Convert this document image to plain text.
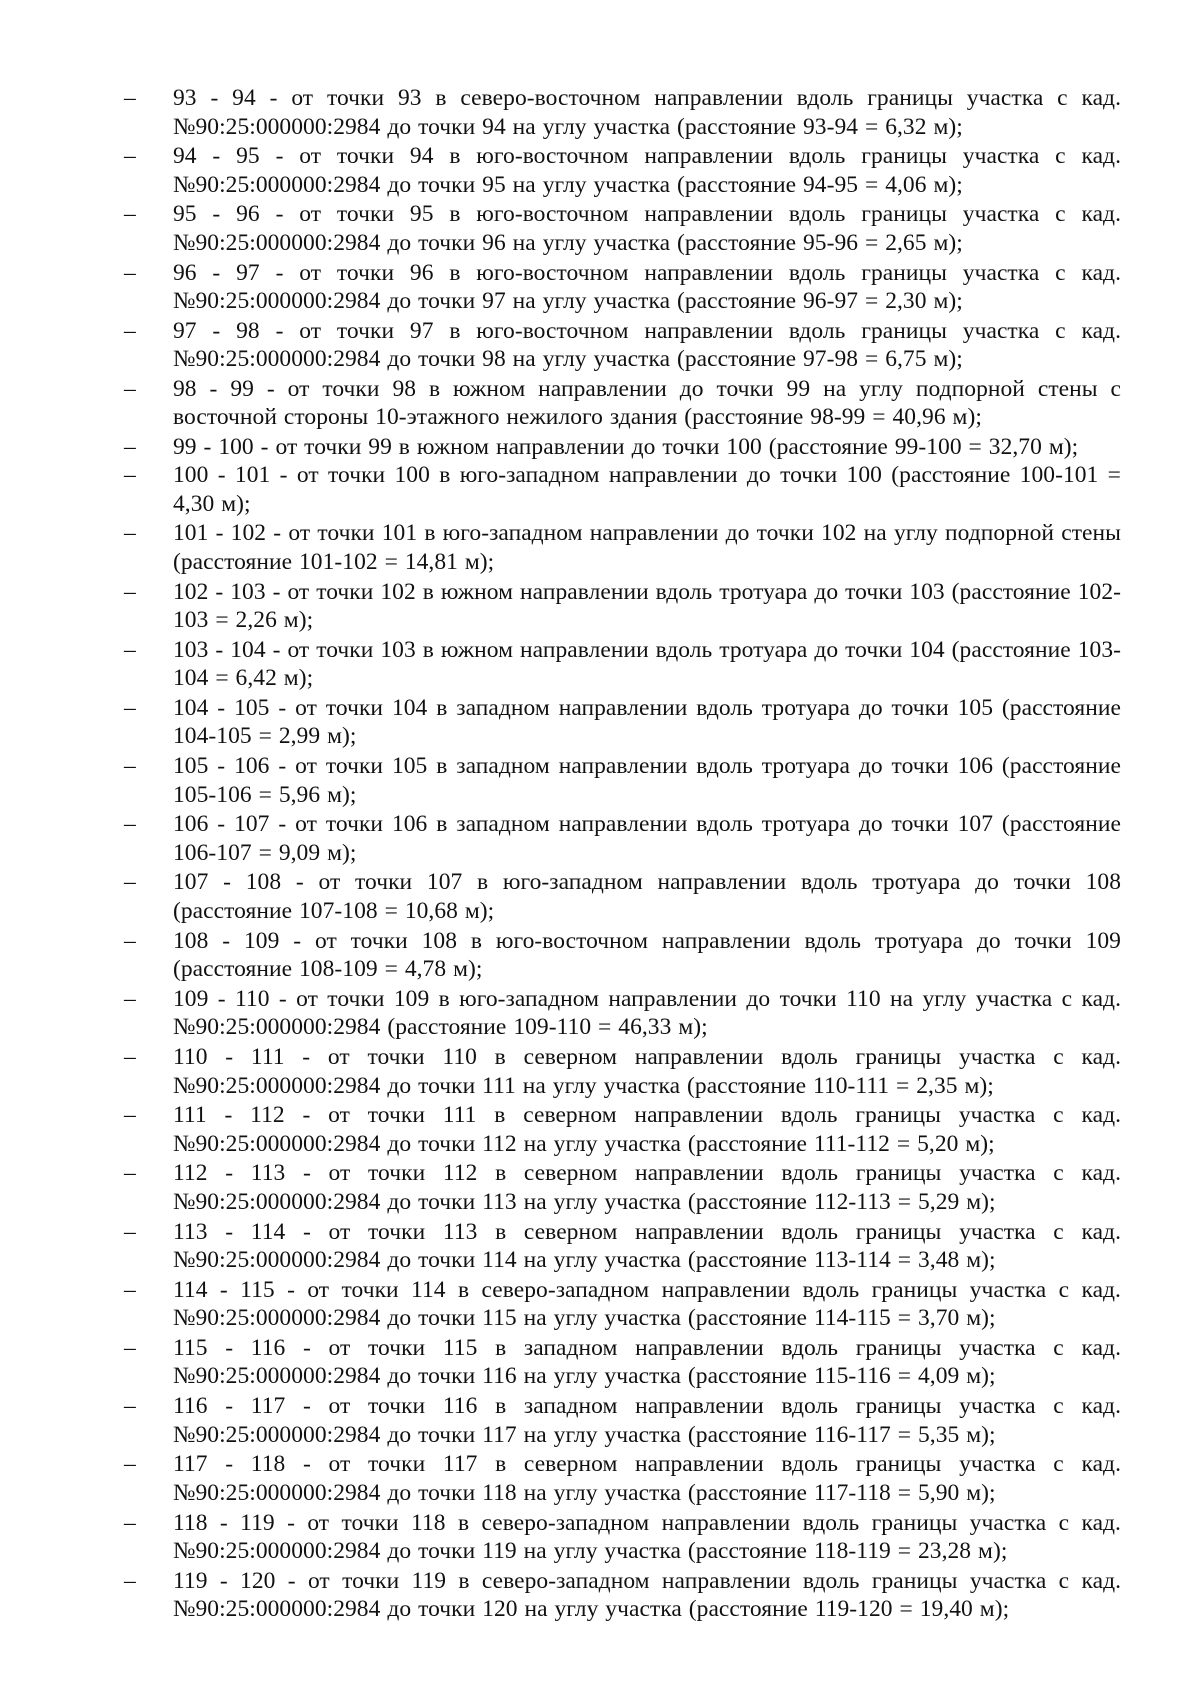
–	93 - 94 - от точки 93 в северо-восточном направлении вдоль границы участка с кад. №90:25:000000:2984 до точки 94 на углу участка (расстояние 93-94 = 6,32 м);
–	94 - 95 - от точки 94 в юго-восточном направлении вдоль границы участка с кад. №90:25:000000:2984 до точки 95 на углу участка (расстояние 94-95 = 4,06 м);
–	95 - 96 - от точки 95 в юго-восточном направлении вдоль границы участка с кад. №90:25:000000:2984 до точки 96 на углу участка (расстояние 95-96 = 2,65 м);
–	96 - 97 - от точки 96 в юго-восточном направлении вдоль границы участка с кад. №90:25:000000:2984 до точки 97 на углу участка (расстояние 96-97 = 2,30 м);
–	97 - 98 - от точки 97 в юго-восточном направлении вдоль границы участка с кад. №90:25:000000:2984 до точки 98 на углу участка (расстояние 97-98 = 6,75 м);
–	98 - 99 - от точки 98 в южном направлении до точки 99 на углу подпорной стены с восточной стороны 10-этажного нежилого здания (расстояние 98-99 = 40,96 м);
–	99 - 100 - от точки 99 в южном направлении до точки 100 (расстояние 99-100 = 32,70 м);
–	100 - 101 - от точки 100 в юго-западном направлении до точки 100 (расстояние 100-101 = 4,30 м);
–	101 - 102 - от точки 101 в юго-западном направлении до точки 102 на углу подпорной стены (расстояние 101-102 = 14,81 м);
–	102 - 103 - от точки 102 в южном направлении вдоль тротуара до точки 103 (расстояние 102-103 = 2,26 м);
–	103 - 104 - от точки 103 в южном направлении вдоль тротуара до точки 104 (расстояние 103-104 = 6,42 м);
–	104 - 105 - от точки 104 в западном направлении вдоль тротуара до точки 105 (расстояние 104-105 = 2,99 м);
–	105 - 106 - от точки 105 в западном направлении вдоль тротуара до точки 106 (расстояние 105-106 = 5,96 м);
–	106 - 107 - от точки 106 в западном направлении вдоль тротуара до точки 107 (расстояние 106-107 = 9,09 м);
–	107 - 108 - от точки 107 в юго-западном направлении вдоль тротуара до точки 108 (расстояние 107-108 = 10,68 м);
–	108 - 109 - от точки 108 в юго-восточном направлении вдоль тротуара до точки 109 (расстояние 108-109 = 4,78 м);
–	109 - 110 - от точки 109 в юго-западном направлении до точки 110 на углу участка с кад. №90:25:000000:2984 (расстояние 109-110 = 46,33 м);
–	110 - 111 - от точки 110 в северном направлении вдоль границы участка с кад. №90:25:000000:2984 до точки 111 на углу участка (расстояние 110-111 = 2,35 м);
–	111 - 112 - от точки 111 в северном направлении вдоль границы участка с кад. №90:25:000000:2984 до точки 112 на углу участка (расстояние 111-112 = 5,20 м);
–	112 - 113 - от точки 112 в северном направлении вдоль границы участка с кад. №90:25:000000:2984 до точки 113 на углу участка (расстояние 112-113 = 5,29 м);
–	113 - 114 - от точки 113 в северном направлении вдоль границы участка с кад. №90:25:000000:2984 до точки 114 на углу участка (расстояние 113-114 = 3,48 м);
–	114 - 115 - от точки 114 в северо-западном направлении вдоль границы участка с кад. №90:25:000000:2984 до точки 115 на углу участка (расстояние 114-115 = 3,70 м);
–	115 - 116 - от точки 115 в западном направлении вдоль границы участка с кад. №90:25:000000:2984 до точки 116 на углу участка (расстояние 115-116 = 4,09 м);
–	116 - 117 - от точки 116 в западном направлении вдоль границы участка с кад. №90:25:000000:2984 до точки 117 на углу участка (расстояние 116-117 = 5,35 м);
–	117 - 118 - от точки 117 в северном направлении вдоль границы участка с кад. №90:25:000000:2984 до точки 118 на углу участка (расстояние 117-118 = 5,90 м);
–	118 - 119 - от точки 118 в северо-западном направлении вдоль границы участка с кад. №90:25:000000:2984 до точки 119 на углу участка (расстояние 118-119 = 23,28 м);
–	119 - 120 - от точки 119 в северо-западном направлении вдоль границы участка с кад. №90:25:000000:2984 до точки 120 на углу участка (расстояние 119-120 = 19,40 м);
